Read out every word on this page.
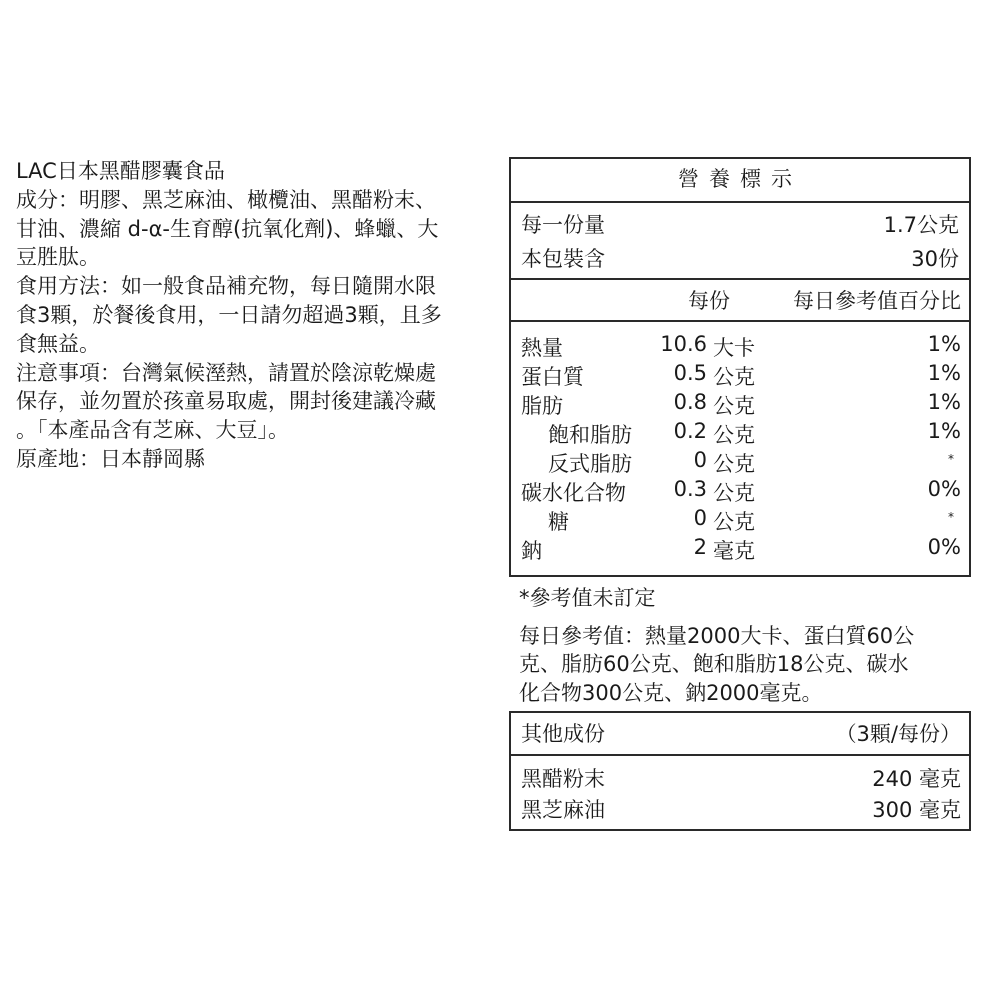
LAC日本黑醋膠囊食品

成分：明膠、黑芝麻油、橄欖油、黑醋粉末、
甘油、濃縮 d-α-生育醇(抗氧化劑)、蜂蠟、大
豆胜肽。

食用方法：如一般食品補充物，每日隨開水限
食3顆，於餐後食用，一日請勿超過3顆，且多
食無益。

注意事項：台灣氣候溼熱，請置於陰涼乾燥處
保存，並勿置於孩童易取處，開封後建議冷藏
。「本產品含有芝麻、大豆」。

原產地：日本靜岡縣

營養標示
每一份量	1.7公克
本包裝含	30份
每份	每日參考值百分比
熱量	10.6 大卡	1%
蛋白質	0.5 公克	1%
脂肪	0.8 公克	1%
飽和脂肪 0.2 公克	1%
反式脂肪	0 公克	*
碳水化合物 0.3 公克	0%
糖	0 公克	*
鈉	2 毫克	0%

*參考值未訂定

每日參考值：熱量2000大卡、蛋白質60公
克、脂肪60公克、飽和脂肪18公克、碳水
化合物300公克、鈉2000毫克。

其他成份	（3顆/每份）
黑醋粉末	240 毫克
黑芝麻油	300 毫克
